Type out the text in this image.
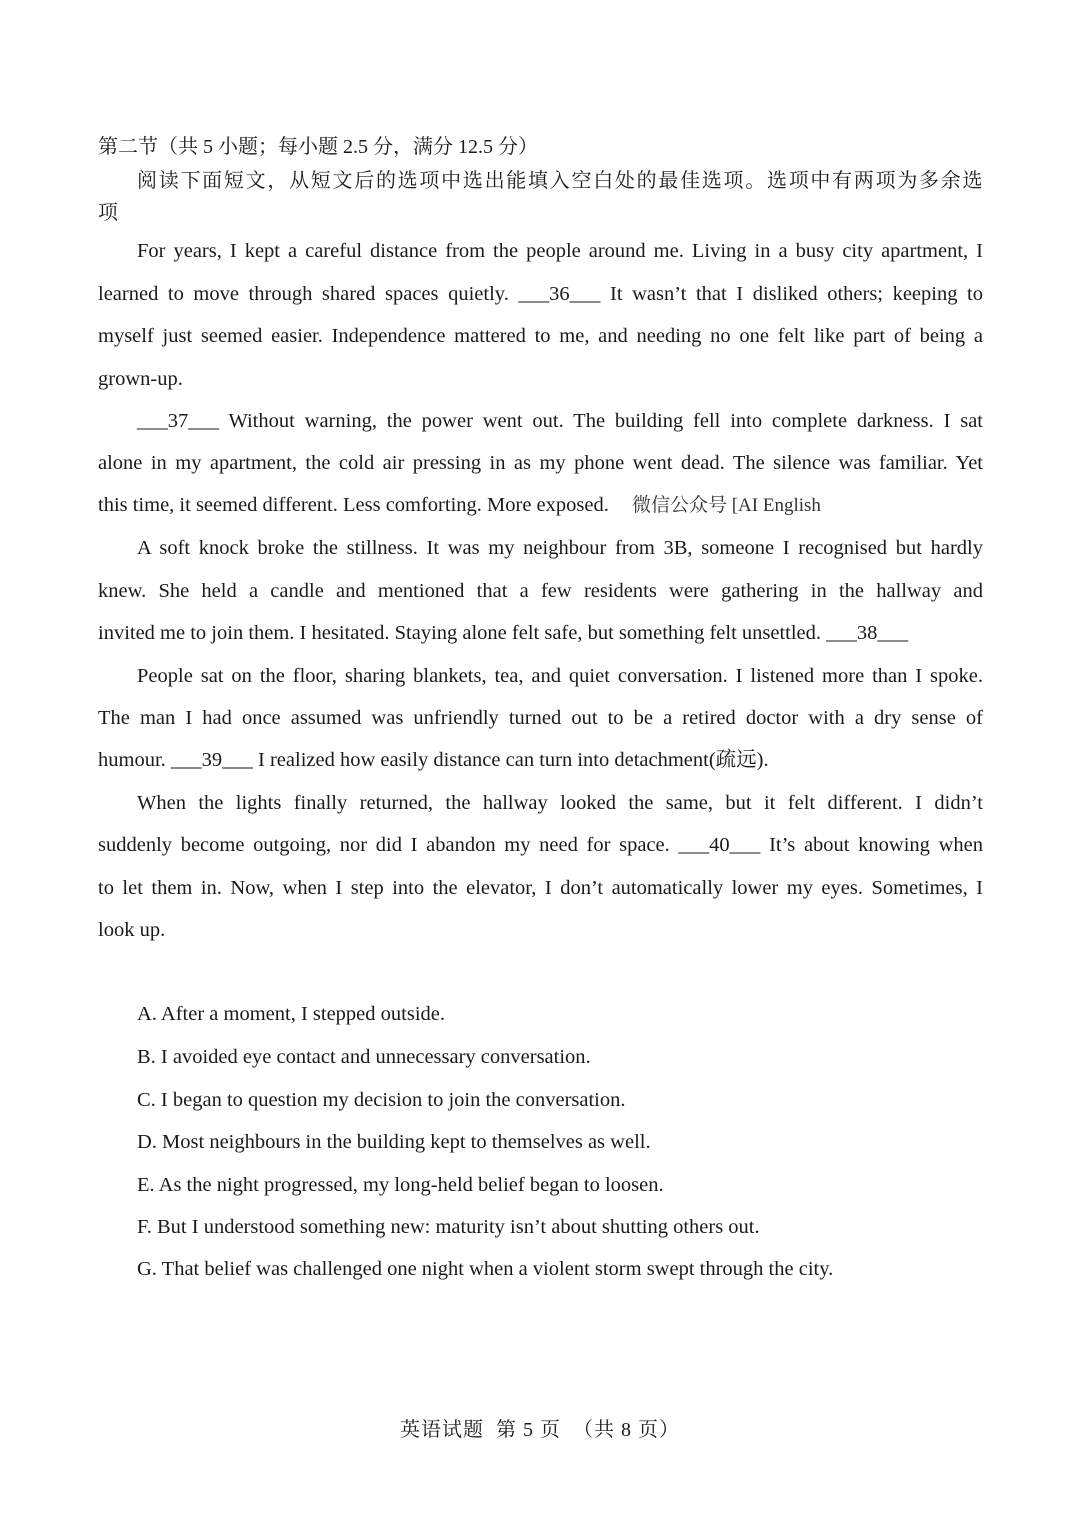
第二节（共 5 小题；每小题 2.5 分，满分 12.5 分）
阅读下面短文，从短文后的选项中选出能填入空白处的最佳选项。选项中有两项为多余选
项
For years, I kept a careful distance from the people around me. Living in a busy city apartment, I
learned to move through shared spaces quietly. ___36___ It wasn’t that I disliked others; keeping to
myself just seemed easier. Independence mattered to me, and needing no one felt like part of being a
grown-up.
___37___ Without warning, the power went out. The building fell into complete darkness. I sat
alone in my apartment, the cold air pressing in as my phone went dead. The silence was familiar. Yet
this time, it seemed different. Less comforting. More exposed. 微信公众号 [AI English
A soft knock broke the stillness. It was my neighbour from 3B, someone I recognised but hardly
knew. She held a candle and mentioned that a few residents were gathering in the hallway and
invited me to join them. I hesitated. Staying alone felt safe, but something felt unsettled. ___38___
People sat on the floor, sharing blankets, tea, and quiet conversation. I listened more than I spoke.
The man I had once assumed was unfriendly turned out to be a retired doctor with a dry sense of
humour. ___39___ I realized how easily distance can turn into detachment(疏远).
When the lights finally returned, the hallway looked the same, but it felt different. I didn’t
suddenly become outgoing, nor did I abandon my need for space. ___40___ It’s about knowing when
to let them in. Now, when I step into the elevator, I don’t automatically lower my eyes. Sometimes, I
look up.
A. After a moment, I stepped outside.
B. I avoided eye contact and unnecessary conversation.
C. I began to question my decision to join the conversation.
D. Most neighbours in the building kept to themselves as well.
E. As the night progressed, my long-held belief began to loosen.
F. But I understood something new: maturity isn’t about shutting others out.
G. That belief was challenged one night when a violent storm swept through the city.
英语试题 第 5 页 （共 8 页）
